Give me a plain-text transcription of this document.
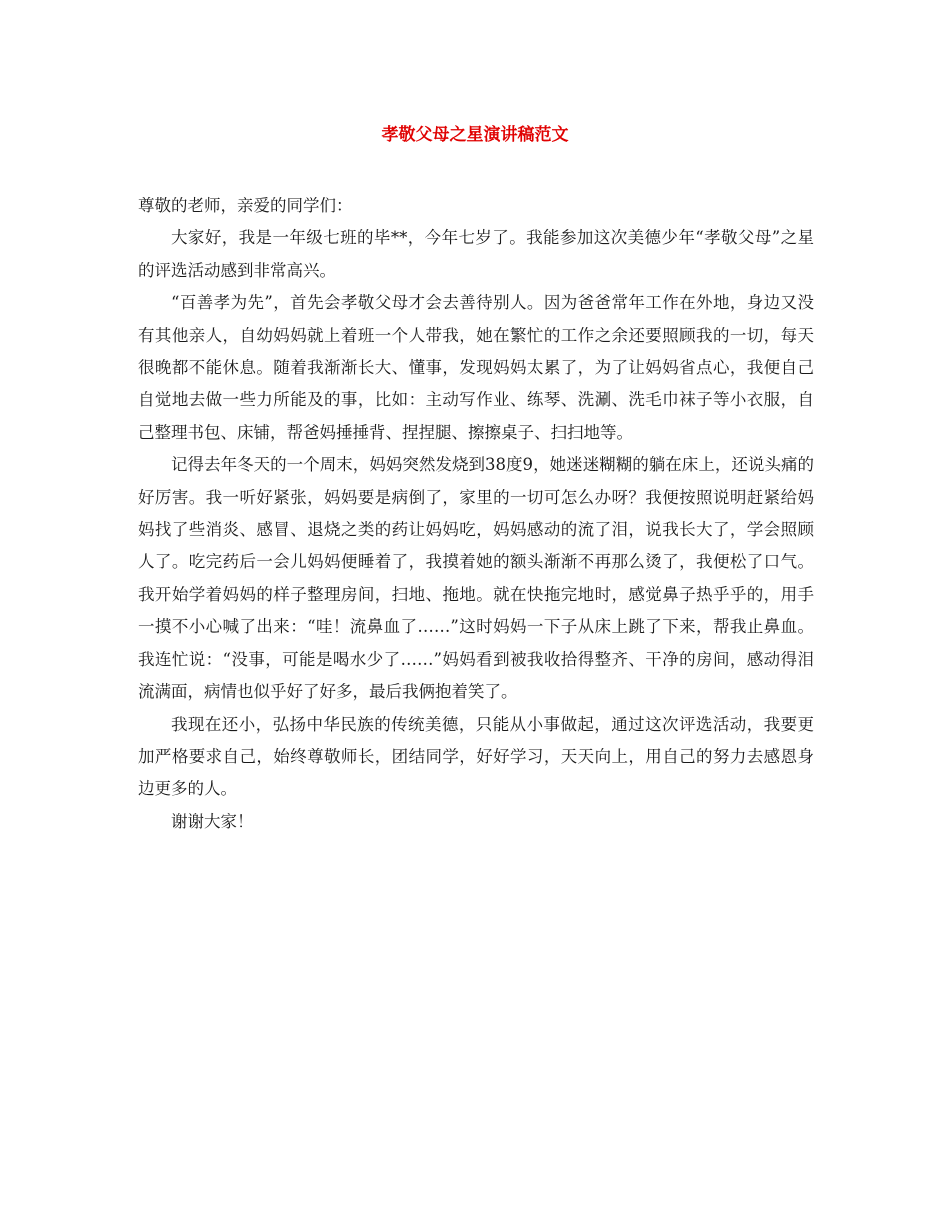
孝敬父母之星演讲稿范文

尊敬的老师，亲爱的同学们：

大家好，我是一年级七班的毕**，今年七岁了。我能参加这次美德少年“孝敬父母”之星的评选活动感到非常高兴。

“百善孝为先”，首先会孝敬父母才会去善待别人。因为爸爸常年工作在外地，身边又没有其他亲人，自幼妈妈就上着班一个人带我，她在繁忙的工作之余还要照顾我的一切，每天很晚都不能休息。随着我渐渐长大、懂事，发现妈妈太累了，为了让妈妈省点心，我便自己自觉地去做一些力所能及的事，比如：主动写作业、练琴、洗涮、洗毛巾袜子等小衣服，自己整理书包、床铺，帮爸妈捶捶背、捏捏腿、擦擦桌子、扫扫地等。

记得去年冬天的一个周末，妈妈突然发烧到38度9，她迷迷糊糊的躺在床上，还说头痛的好厉害。我一听好紧张，妈妈要是病倒了，家里的一切可怎么办呀？我便按照说明赶紧给妈妈找了些消炎、感冒、退烧之类的药让妈妈吃，妈妈感动的流了泪，说我长大了，学会照顾人了。吃完药后一会儿妈妈便睡着了，我摸着她的额头渐渐不再那么烫了，我便松了口气。我开始学着妈妈的样子整理房间，扫地、拖地。就在快拖完地时，感觉鼻子热乎乎的，用手一摸不小心喊了出来：“哇！流鼻血了……”这时妈妈一下子从床上跳了下来，帮我止鼻血。我连忙说：“没事，可能是喝水少了……”妈妈看到被我收拾得整齐、干净的房间，感动得泪流满面，病情也似乎好了好多，最后我俩抱着笑了。

我现在还小，弘扬中华民族的传统美德，只能从小事做起，通过这次评选活动，我要更加严格要求自己，始终尊敬师长，团结同学，好好学习，天天向上，用自己的努力去感恩身边更多的人。

谢谢大家！
